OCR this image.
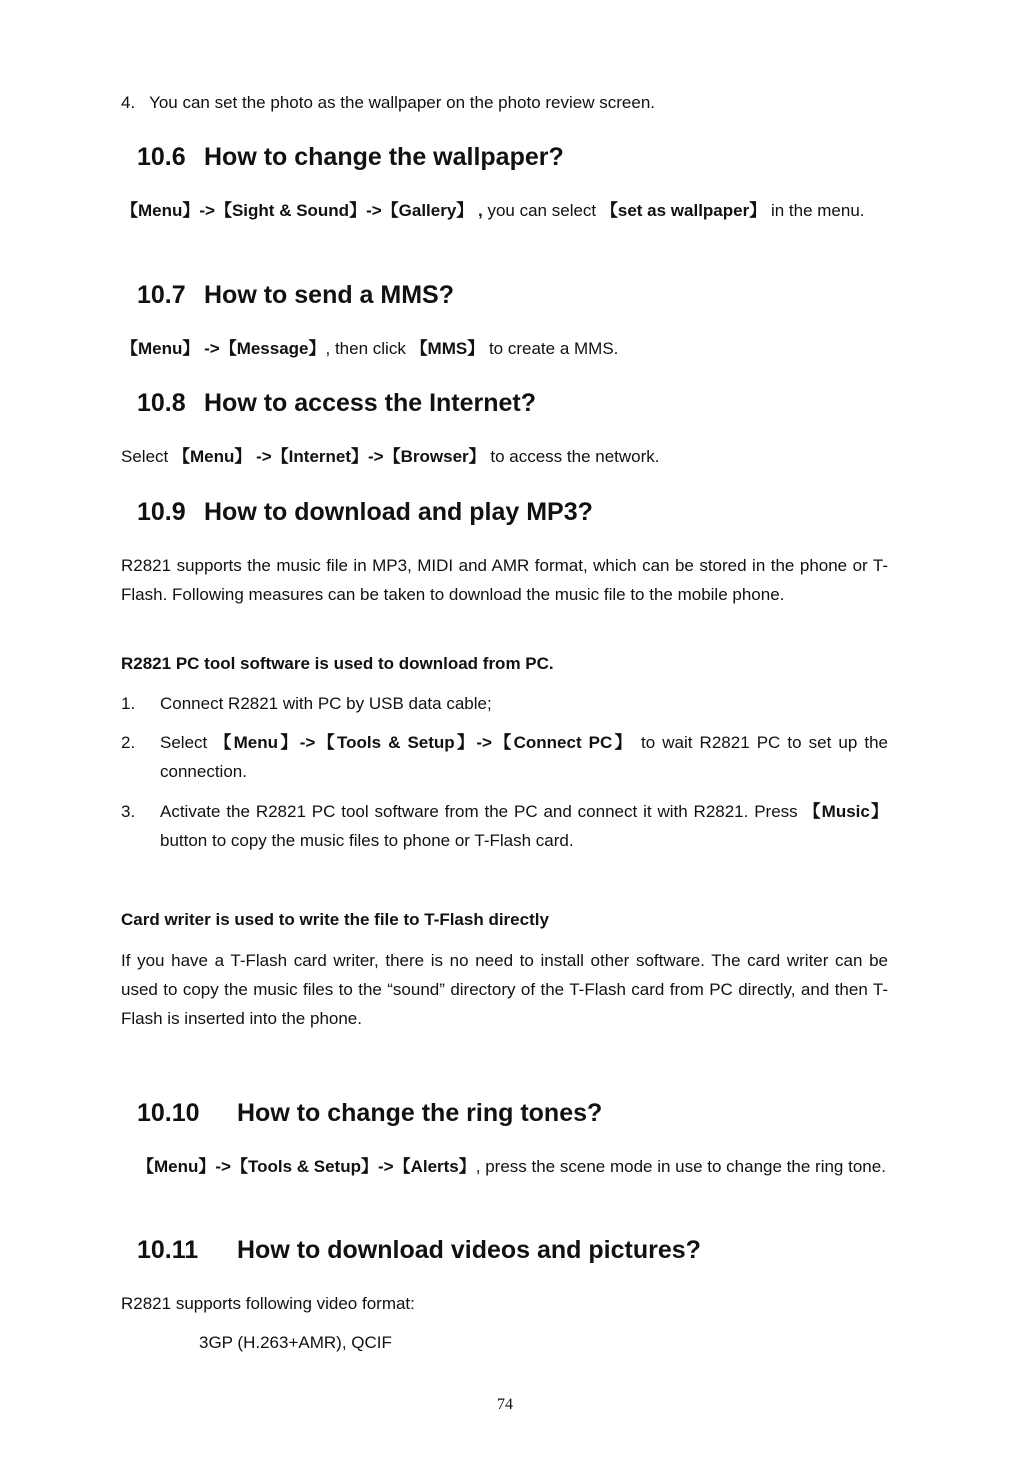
4. You can set the photo as the wallpaper on the photo review screen.

10.6 How to change the wallpaper?

【Menu】->【Sight & Sound】->【Gallery】 , you can select 【set as wallpaper】 in the menu.

10.7 How to send a MMS?

【Menu】 ->【Message】, then click 【MMS】 to create a MMS.

10.8 How to access the Internet?

Select 【Menu】 ->【Internet】->【Browser】 to access the network.

10.9 How to download and play MP3?

R2821 supports the music file in MP3, MIDI and AMR format, which can be stored in the phone or T-Flash. Following measures can be taken to download the music file to the mobile phone.

R2821 PC tool software is used to download from PC.

1. Connect R2821 with PC by USB data cable;
2. Select 【Menu】->【Tools & Setup】->【Connect PC】 to wait R2821 PC to set up the connection.
3. Activate the R2821 PC tool software from the PC and connect it with R2821. Press 【Music】 button to copy the music files to phone or T-Flash card.

Card writer is used to write the file to T-Flash directly

If you have a T-Flash card writer, there is no need to install other software. The card writer can be used to copy the music files to the “sound” directory of the T-Flash card from PC directly, and then T-Flash is inserted into the phone.

10.10 How to change the ring tones?

【Menu】->【Tools & Setup】->【Alerts】, press the scene mode in use to change the ring tone.

10.11 How to download videos and pictures?

R2821 supports following video format:

3GP (H.263+AMR), QCIF

74
